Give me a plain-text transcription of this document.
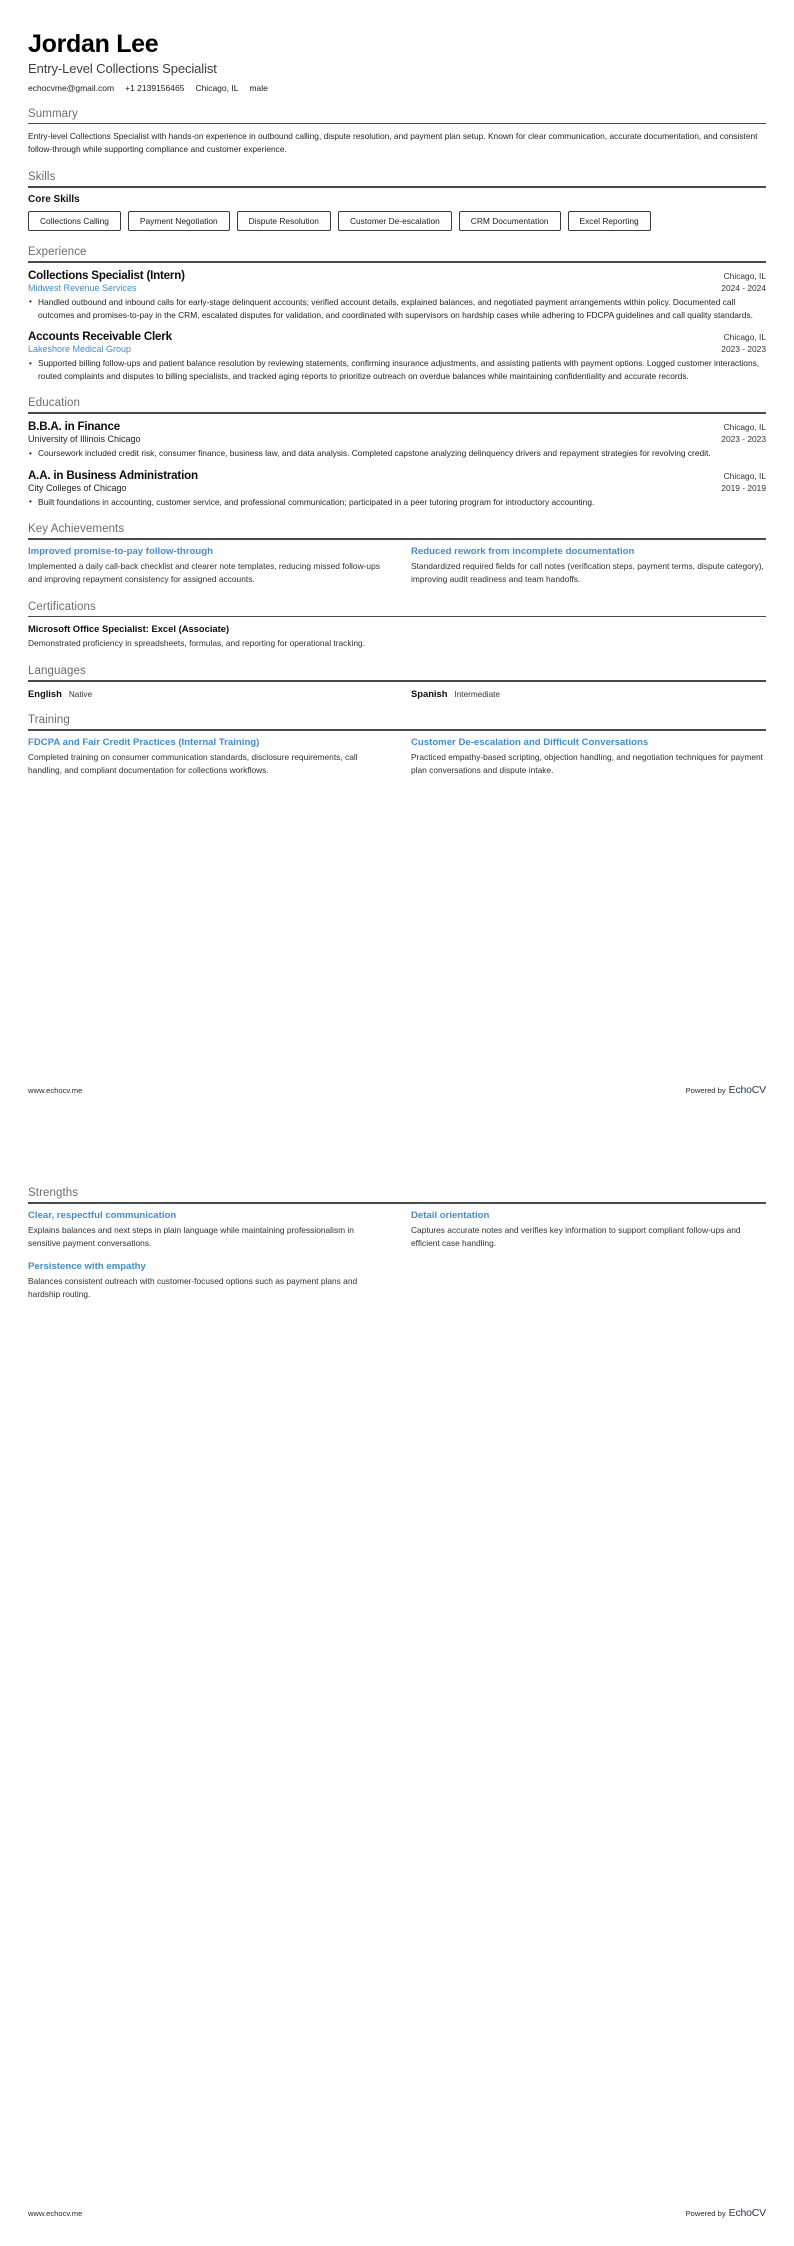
Jordan Lee
Entry-Level Collections Specialist
echocvme@gmail.com +1 2139156465 Chicago, IL male
Summary
Entry-level Collections Specialist with hands-on experience in outbound calling, dispute resolution, and payment plan setup. Known for clear communication, accurate documentation, and consistent follow-through while supporting compliance and customer experience.
Skills
Core Skills
Collections Calling	Payment Negotiation	Dispute Resolution	Customer De-escalation	CRM Documentation	Excel Reporting
Experience
Collections Specialist (Intern)	Chicago, IL
Midwest Revenue Services	2024 - 2024
• Handled outbound and inbound calls for early-stage delinquent accounts; verified account details, explained balances, and negotiated payment arrangements within policy. Documented call outcomes and promises-to-pay in the CRM, escalated disputes for validation, and coordinated with supervisors on hardship cases while adhering to FDCPA guidelines and call quality standards.
Accounts Receivable Clerk	Chicago, IL
Lakeshore Medical Group	2023 - 2023
• Supported billing follow-ups and patient balance resolution by reviewing statements, confirming insurance adjustments, and assisting patients with payment options. Logged customer interactions, routed complaints and disputes to billing specialists, and tracked aging reports to prioritize outreach on overdue balances while maintaining confidentiality and accurate records.
Education
B.B.A. in Finance	Chicago, IL
University of Illinois Chicago	2023 - 2023
• Coursework included credit risk, consumer finance, business law, and data analysis. Completed capstone analyzing delinquency drivers and repayment strategies for revolving credit.
A.A. in Business Administration	Chicago, IL
City Colleges of Chicago	2019 - 2019
• Built foundations in accounting, customer service, and professional communication; participated in a peer tutoring program for introductory accounting.
Key Achievements
Improved promise-to-pay follow-through
Implemented a daily call-back checklist and clearer note templates, reducing missed follow-ups and improving repayment consistency for assigned accounts.
Reduced rework from incomplete documentation
Standardized required fields for call notes (verification steps, payment terms, dispute category), improving audit readiness and team handoffs.
Certifications
Microsoft Office Specialist: Excel (Associate)
Demonstrated proficiency in spreadsheets, formulas, and reporting for operational tracking.
Languages
English Native	Spanish Intermediate
Training
FDCPA and Fair Credit Practices (Internal Training)
Completed training on consumer communication standards, disclosure requirements, call handling, and compliant documentation for collections workflows.
Customer De-escalation and Difficult Conversations
Practiced empathy-based scripting, objection handling, and negotiation techniques for payment plan conversations and dispute intake.
www.echocv.me	Powered by EchoCV
Strengths
Clear, respectful communication
Explains balances and next steps in plain language while maintaining professionalism in sensitive payment conversations.
Detail orientation
Captures accurate notes and verifies key information to support compliant follow-ups and efficient case handling.
Persistence with empathy
Balances consistent outreach with customer-focused options such as payment plans and hardship routing.
www.echocv.me	Powered by EchoCV
